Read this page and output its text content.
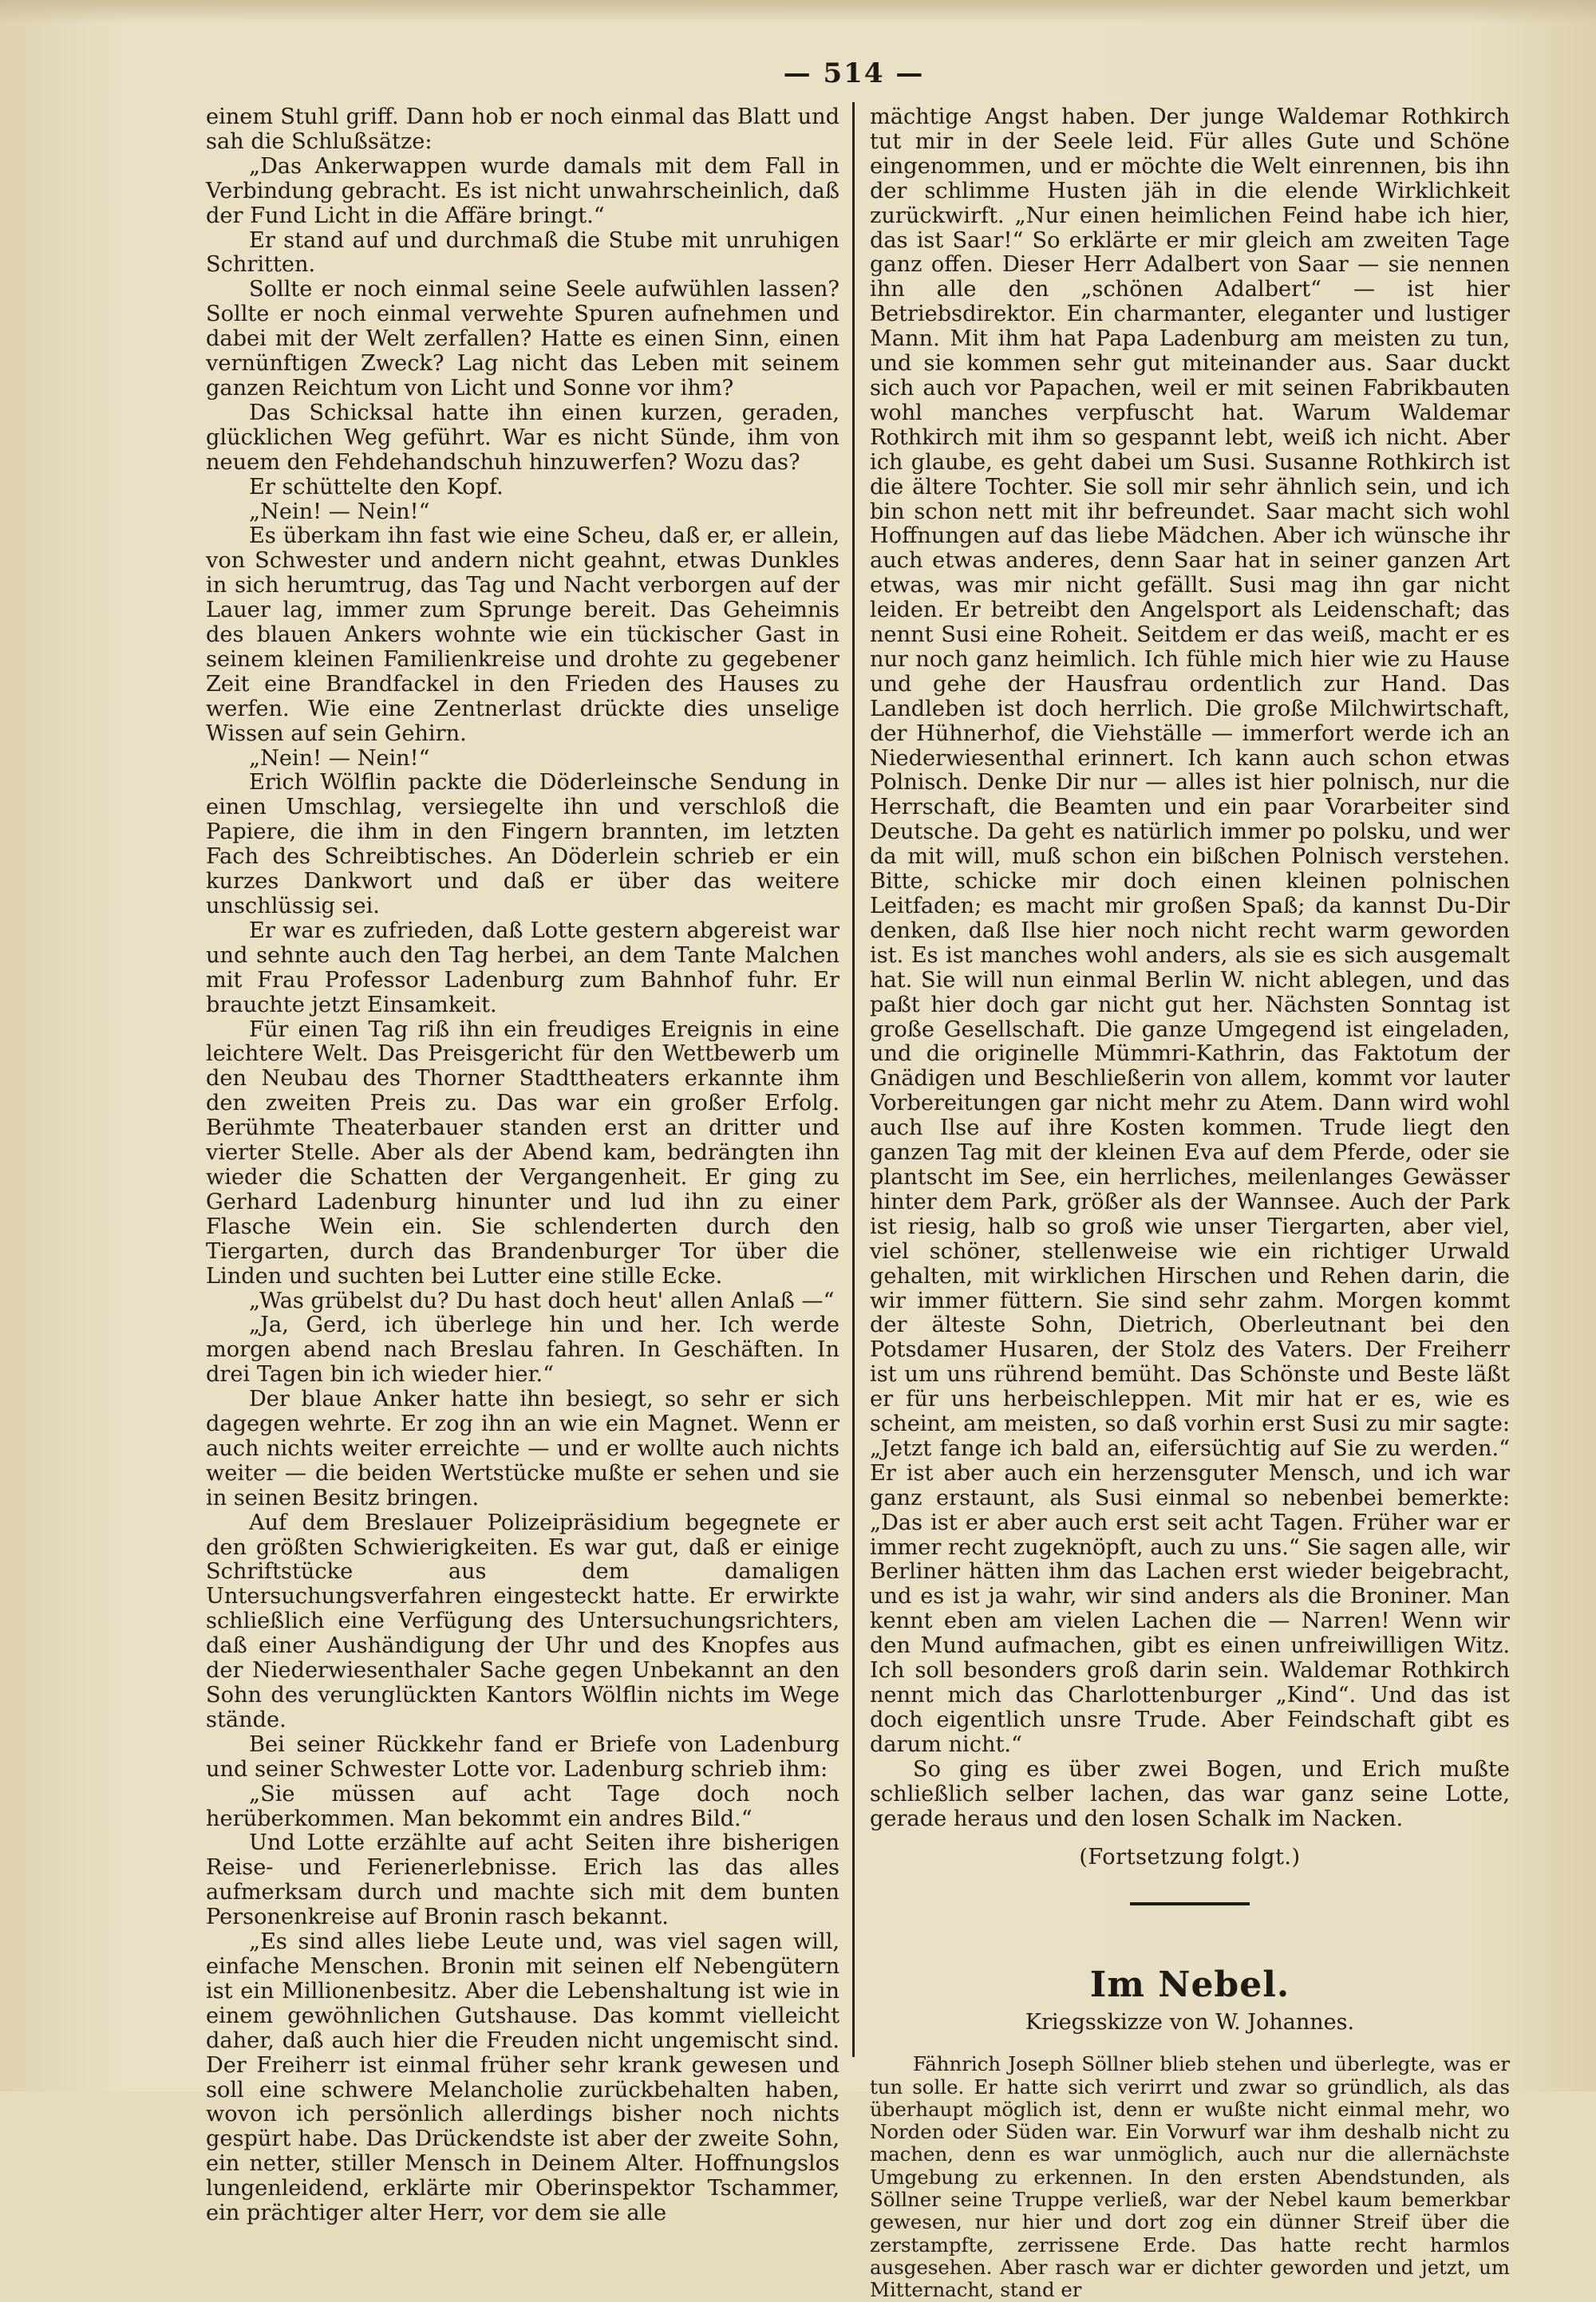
— 514 —

einem Stuhl griff. Dann hob er noch einmal das Blatt und sah die Schlußsätze:

„Das Ankerwappen wurde damals mit dem Fall in Verbindung gebracht. Es ist nicht unwahrscheinlich, daß der Fund Licht in die Affäre bringt.“

Er stand auf und durchmaß die Stube mit unruhigen Schritten.

Sollte er noch einmal seine Seele aufwühlen lassen? Sollte er noch einmal verwehte Spuren aufnehmen und dabei mit der Welt zerfallen? Hatte es einen Sinn, einen vernünftigen Zweck? Lag nicht das Leben mit seinem ganzen Reichtum von Licht und Sonne vor ihm?

Das Schicksal hatte ihn einen kurzen, geraden, glücklichen Weg geführt. War es nicht Sünde, ihm von neuem den Fehdehandschuh hinzuwerfen? Wozu das?

Er schüttelte den Kopf.

„Nein! — Nein!“

Es überkam ihn fast wie eine Scheu, daß er, er allein, von Schwester und andern nicht geahnt, etwas Dunkles in sich herumtrug, das Tag und Nacht verborgen auf der Lauer lag, immer zum Sprunge bereit. Das Geheimnis des blauen Ankers wohnte wie ein tückischer Gast in seinem kleinen Familienkreise und drohte zu gegebener Zeit eine Brandfackel in den Frieden des Hauses zu werfen. Wie eine Zentnerlast drückte dies unselige Wissen auf sein Gehirn.

„Nein! — Nein!“

Erich Wölflin packte die Döderleinsche Sendung in einen Umschlag, versiegelte ihn und verschloß die Papiere, die ihm in den Fingern brannten, im letzten Fach des Schreibtisches. An Döderlein schrieb er ein kurzes Dankwort und daß er über das weitere unschlüssig sei.

Er war es zufrieden, daß Lotte gestern abgereist war und sehnte auch den Tag herbei, an dem Tante Malchen mit Frau Professor Ladenburg zum Bahnhof fuhr. Er brauchte jetzt Einsamkeit.

Für einen Tag riß ihn ein freudiges Ereignis in eine leichtere Welt. Das Preisgericht für den Wettbewerb um den Neubau des Thorner Stadttheaters erkannte ihm den zweiten Preis zu. Das war ein großer Erfolg. Berühmte Theaterbauer standen erst an dritter und vierter Stelle. Aber als der Abend kam, bedrängten ihn wieder die Schatten der Vergangenheit. Er ging zu Gerhard Ladenburg hinunter und lud ihn zu einer Flasche Wein ein. Sie schlenderten durch den Tiergarten, durch das Brandenburger Tor über die Linden und suchten bei Lutter eine stille Ecke.

„Was grübelst du? Du hast doch heut' allen Anlaß —“

„Ja, Gerd, ich überlege hin und her. Ich werde morgen abend nach Breslau fahren. In Geschäften. In drei Tagen bin ich wieder hier.“

Der blaue Anker hatte ihn besiegt, so sehr er sich dagegen wehrte. Er zog ihn an wie ein Magnet. Wenn er auch nichts weiter erreichte — und er wollte auch nichts weiter — die beiden Wertstücke mußte er sehen und sie in seinen Besitz bringen.

Auf dem Breslauer Polizeipräsidium begegnete er den größten Schwierigkeiten. Es war gut, daß er einige Schriftstücke aus dem damaligen Untersuchungsverfahren eingesteckt hatte. Er erwirkte schließlich eine Verfügung des Untersuchungsrichters, daß einer Aushändigung der Uhr und des Knopfes aus der Niederwiesenthaler Sache gegen Unbekannt an den Sohn des verunglückten Kantors Wölflin nichts im Wege stände.

Bei seiner Rückkehr fand er Briefe von Ladenburg und seiner Schwester Lotte vor. Ladenburg schrieb ihm:

„Sie müssen auf acht Tage doch noch herüberkommen. Man bekommt ein andres Bild.“

Und Lotte erzählte auf acht Seiten ihre bisherigen Reise- und Ferienerlebnisse. Erich las das alles aufmerksam durch und machte sich mit dem bunten Personenkreise auf Bronin rasch bekannt.

„Es sind alles liebe Leute und, was viel sagen will, einfache Menschen. Bronin mit seinen elf Nebengütern ist ein Millionenbesitz. Aber die Lebenshaltung ist wie in einem gewöhnlichen Gutshause. Das kommt vielleicht daher, daß auch hier die Freuden nicht ungemischt sind. Der Freiherr ist einmal früher sehr krank gewesen und soll eine schwere Melancholie zurückbehalten haben, wovon ich persönlich allerdings bisher noch nichts gespürt habe. Das Drückendste ist aber der zweite Sohn, ein netter, stiller Mensch in Deinem Alter. Hoffnungslos lungenleidend, erklärte mir Oberinspektor Tschammer, ein prächtiger alter Herr, vor dem sie alle

mächtige Angst haben. Der junge Waldemar Rothkirch tut mir in der Seele leid. Für alles Gute und Schöne eingenommen, und er möchte die Welt einrennen, bis ihn der schlimme Husten jäh in die elende Wirklichkeit zurückwirft. „Nur einen heimlichen Feind habe ich hier, das ist Saar!“ So erklärte er mir gleich am zweiten Tage ganz offen. Dieser Herr Adalbert von Saar — sie nennen ihn alle den „schönen Adalbert“ — ist hier Betriebsdirektor. Ein charmanter, eleganter und lustiger Mann. Mit ihm hat Papa Ladenburg am meisten zu tun, und sie kommen sehr gut miteinander aus. Saar duckt sich auch vor Papachen, weil er mit seinen Fabrikbauten wohl manches verpfuscht hat. Warum Waldemar Rothkirch mit ihm so gespannt lebt, weiß ich nicht. Aber ich glaube, es geht dabei um Susi. Susanne Rothkirch ist die ältere Tochter. Sie soll mir sehr ähnlich sein, und ich bin schon nett mit ihr befreundet. Saar macht sich wohl Hoffnungen auf das liebe Mädchen. Aber ich wünsche ihr auch etwas anderes, denn Saar hat in seiner ganzen Art etwas, was mir nicht gefällt. Susi mag ihn gar nicht leiden. Er betreibt den Angelsport als Leidenschaft; das nennt Susi eine Roheit. Seitdem er das weiß, macht er es nur noch ganz heimlich. Ich fühle mich hier wie zu Hause und gehe der Hausfrau ordentlich zur Hand. Das Landleben ist doch herrlich. Die große Milchwirtschaft, der Hühnerhof, die Viehställe — immerfort werde ich an Niederwiesenthal erinnert. Ich kann auch schon etwas Polnisch. Denke Dir nur — alles ist hier polnisch, nur die Herrschaft, die Beamten und ein paar Vorarbeiter sind Deutsche. Da geht es natürlich immer po polsku, und wer da mit will, muß schon ein bißchen Polnisch verstehen. Bitte, schicke mir doch einen kleinen polnischen Leitfaden; es macht mir großen Spaß; da kannst Du-Dir denken, daß Ilse hier noch nicht recht warm geworden ist. Es ist manches wohl anders, als sie es sich ausgemalt hat. Sie will nun einmal Berlin W. nicht ablegen, und das paßt hier doch gar nicht gut her. Nächsten Sonntag ist große Gesellschaft. Die ganze Umgegend ist eingeladen, und die originelle Mümmri-Kathrin, das Faktotum der Gnädigen und Beschließerin von allem, kommt vor lauter Vorbereitungen gar nicht mehr zu Atem. Dann wird wohl auch Ilse auf ihre Kosten kommen. Trude liegt den ganzen Tag mit der kleinen Eva auf dem Pferde, oder sie plantscht im See, ein herrliches, meilenlanges Gewässer hinter dem Park, größer als der Wannsee. Auch der Park ist riesig, halb so groß wie unser Tiergarten, aber viel, viel schöner, stellenweise wie ein richtiger Urwald gehalten, mit wirklichen Hirschen und Rehen darin, die wir immer füttern. Sie sind sehr zahm. Morgen kommt der älteste Sohn, Dietrich, Oberleutnant bei den Potsdamer Husaren, der Stolz des Vaters. Der Freiherr ist um uns rührend bemüht. Das Schönste und Beste läßt er für uns herbeischleppen. Mit mir hat er es, wie es scheint, am meisten, so daß vorhin erst Susi zu mir sagte: „Jetzt fange ich bald an, eifersüchtig auf Sie zu werden.“ Er ist aber auch ein herzensguter Mensch, und ich war ganz erstaunt, als Susi einmal so nebenbei bemerkte: „Das ist er aber auch erst seit acht Tagen. Früher war er immer recht zugeknöpft, auch zu uns.“ Sie sagen alle, wir Berliner hätten ihm das Lachen erst wieder beigebracht, und es ist ja wahr, wir sind anders als die Broniner. Man kennt eben am vielen Lachen die — Narren! Wenn wir den Mund aufmachen, gibt es einen unfreiwilligen Witz. Ich soll besonders groß darin sein. Waldemar Rothkirch nennt mich das Charlottenburger „Kind“. Und das ist doch eigentlich unsre Trude. Aber Feindschaft gibt es darum nicht.“

So ging es über zwei Bogen, und Erich mußte schließlich selber lachen, das war ganz seine Lotte, gerade heraus und den losen Schalk im Nacken.

(Fortsetzung folgt.)

Im Nebel.
Kriegsskizze von W. Johannes.

Fähnrich Joseph Söllner blieb stehen und überlegte, was er tun solle. Er hatte sich verirrt und zwar so gründlich, als das überhaupt möglich ist, denn er wußte nicht einmal mehr, wo Norden oder Süden war. Ein Vorwurf war ihm deshalb nicht zu machen, denn es war unmöglich, auch nur die allernächste Umgebung zu erkennen. In den ersten Abendstunden, als Söllner seine Truppe verließ, war der Nebel kaum bemerkbar gewesen, nur hier und dort zog ein dünner Streif über die zerstampfte, zerrissene Erde. Das hatte recht harmlos ausgesehen. Aber rasch war er dichter geworden und jetzt, um Mitternacht, stand er
